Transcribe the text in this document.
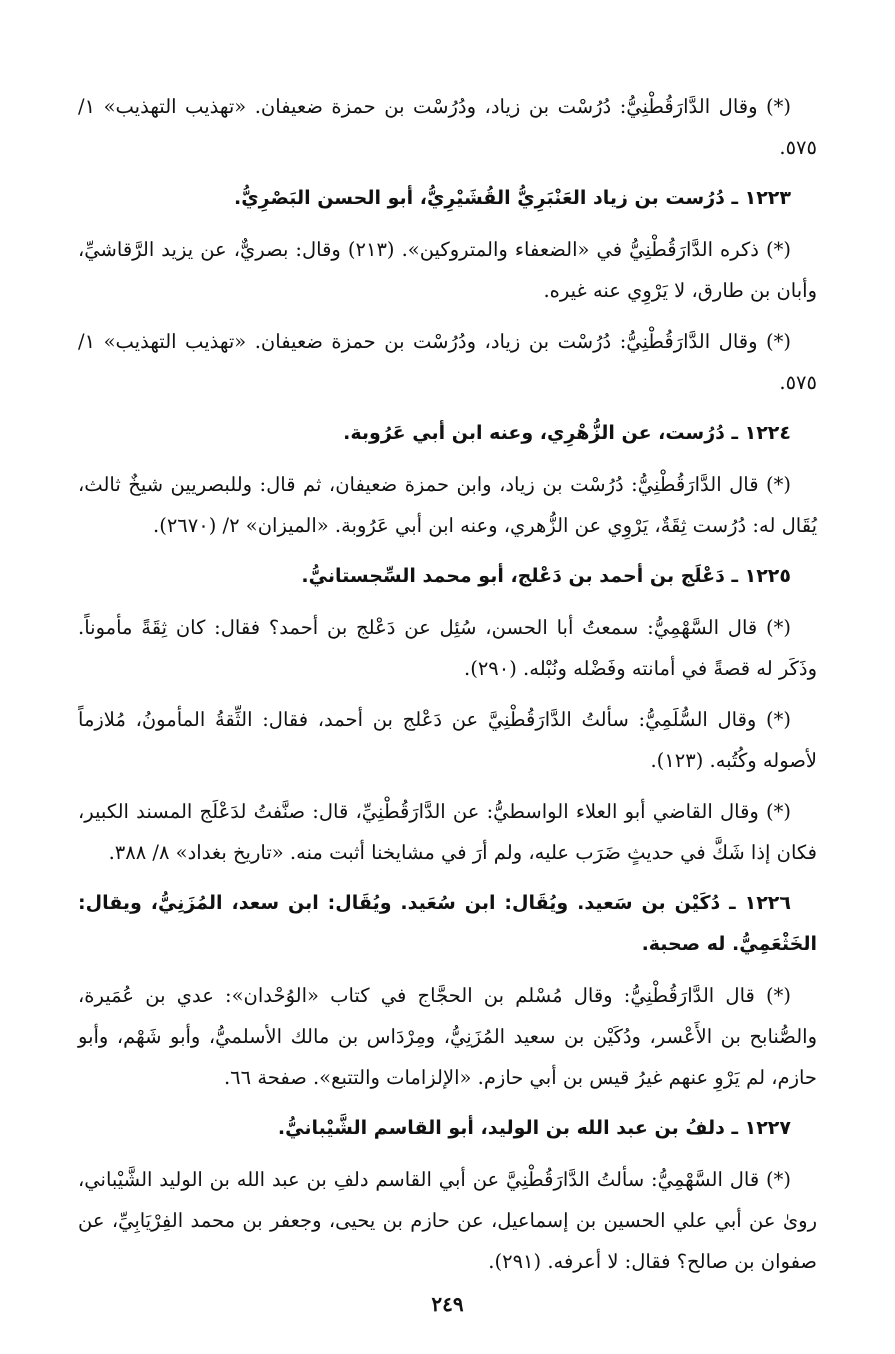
(*) وقال الدَّارَقُطْنِيُّ: دُرُسْت بن زياد، ودُرُسْت بن حمزة ضعيفان. «تهذيب التهذيب» ١/ ٥٧٥.

١٢٢٣ ـ دُرُست بن زياد العَنْبَرِيُّ القُشَيْرِيُّ، أبو الحسن البَصْرِيُّ.

(*) ذكره الدَّارَقُطْنِيُّ في «الضعفاء والمتروكين». (٢١٣) وقال: بصريٌّ، عن يزيد الرَّقاشيِّ، وأبان بن طارق، لا يَرْوِي عنه غيره.

(*) وقال الدَّارَقُطْنِيُّ: دُرُسْت بن زياد، ودُرُسْت بن حمزة ضعيفان. «تهذيب التهذيب» ١/ ٥٧٥.

١٢٢٤ ـ دُرُست، عن الزُّهْرِي، وعنه ابن أبي عَرُوبة.

(*) قال الدَّارَقُطْنِيُّ: دُرُسْت بن زياد، وابن حمزة ضعيفان، ثم قال: وللبصريين شيخٌ ثالث، يُقَال له: دُرُست ثِقَةٌ، يَرْوِي عن الزُّهري، وعنه ابن أبي عَرُوبة. «الميزان» ٢/ (٢٦٧٠).

١٢٢٥ ـ دَعْلَج بن أحمد بن دَعْلج، أبو محمد السِّجستانيُّ.

(*) قال السَّهْمِيُّ: سمعتُ أبا الحسن، سُئِل عن دَعْلج بن أحمد؟ فقال: كان ثِقَةً مأموناً. وذَكَر له قصةً في أمانته وفَضْله ونُبْله. (٢٩٠).

(*) وقال السُّلَمِيُّ: سألتُ الدَّارَقُطْنِيَّ عن دَعْلج بن أحمد، فقال: الثِّقةُ المأمونُ، مُلازماً لأصوله وكُتُبه. (١٢٣).

(*) وقال القاضي أبو العلاء الواسطيُّ: عن الدَّارَقُطْنِيِّ، قال: صنَّفتُ لدَعْلَج المسند الكبير، فكان إذا شَكَّ في حديثٍ ضَرَب عليه، ولم أرَ في مشايخنا أثبت منه. «تاريخ بغداد» ٨/ ٣٨٨.

١٢٢٦ ـ دُكَيْن بن سَعيد. ويُقَال: ابن سُعَيد. ويُقَال: ابن سعد، المُزَنِيُّ، ويقال: الخَثْعَمِيُّ. له صحبة.

(*) قال الدَّارَقُطْنِيُّ: وقال مُسْلم بن الحجَّاج في كتاب «الوُحْدان»: عدي بن عُمَيرة، والصُّنابح بن الأَعْسر، ودُكَيْن بن سعيد المُزَنِيُّ، ومِرْدَاس بن مالك الأسلميُّ، وأبو شَهْم، وأبو حازم، لم يَرْوِ عنهم غيرُ قيس بن أبي حازم. «الإلزامات والتتبع». صفحة ٦٦.

١٢٢٧ ـ دلفُ بن عبد الله بن الوليد، أبو القاسم الشَّيْبانيُّ.

(*) قال السَّهْمِيُّ: سألتُ الدَّارَقُطْنِيَّ عن أبي القاسم دلفِ بن عبد الله بن الوليد الشَّيْباني، روىٰ عن أبي علي الحسين بن إسماعيل، عن حازم بن يحيى، وجعفر بن محمد الفِرْيَابِيِّ، عن صفوان بن صالح؟ فقال: لا أعرفه. (٢٩١).

٢٤٩
